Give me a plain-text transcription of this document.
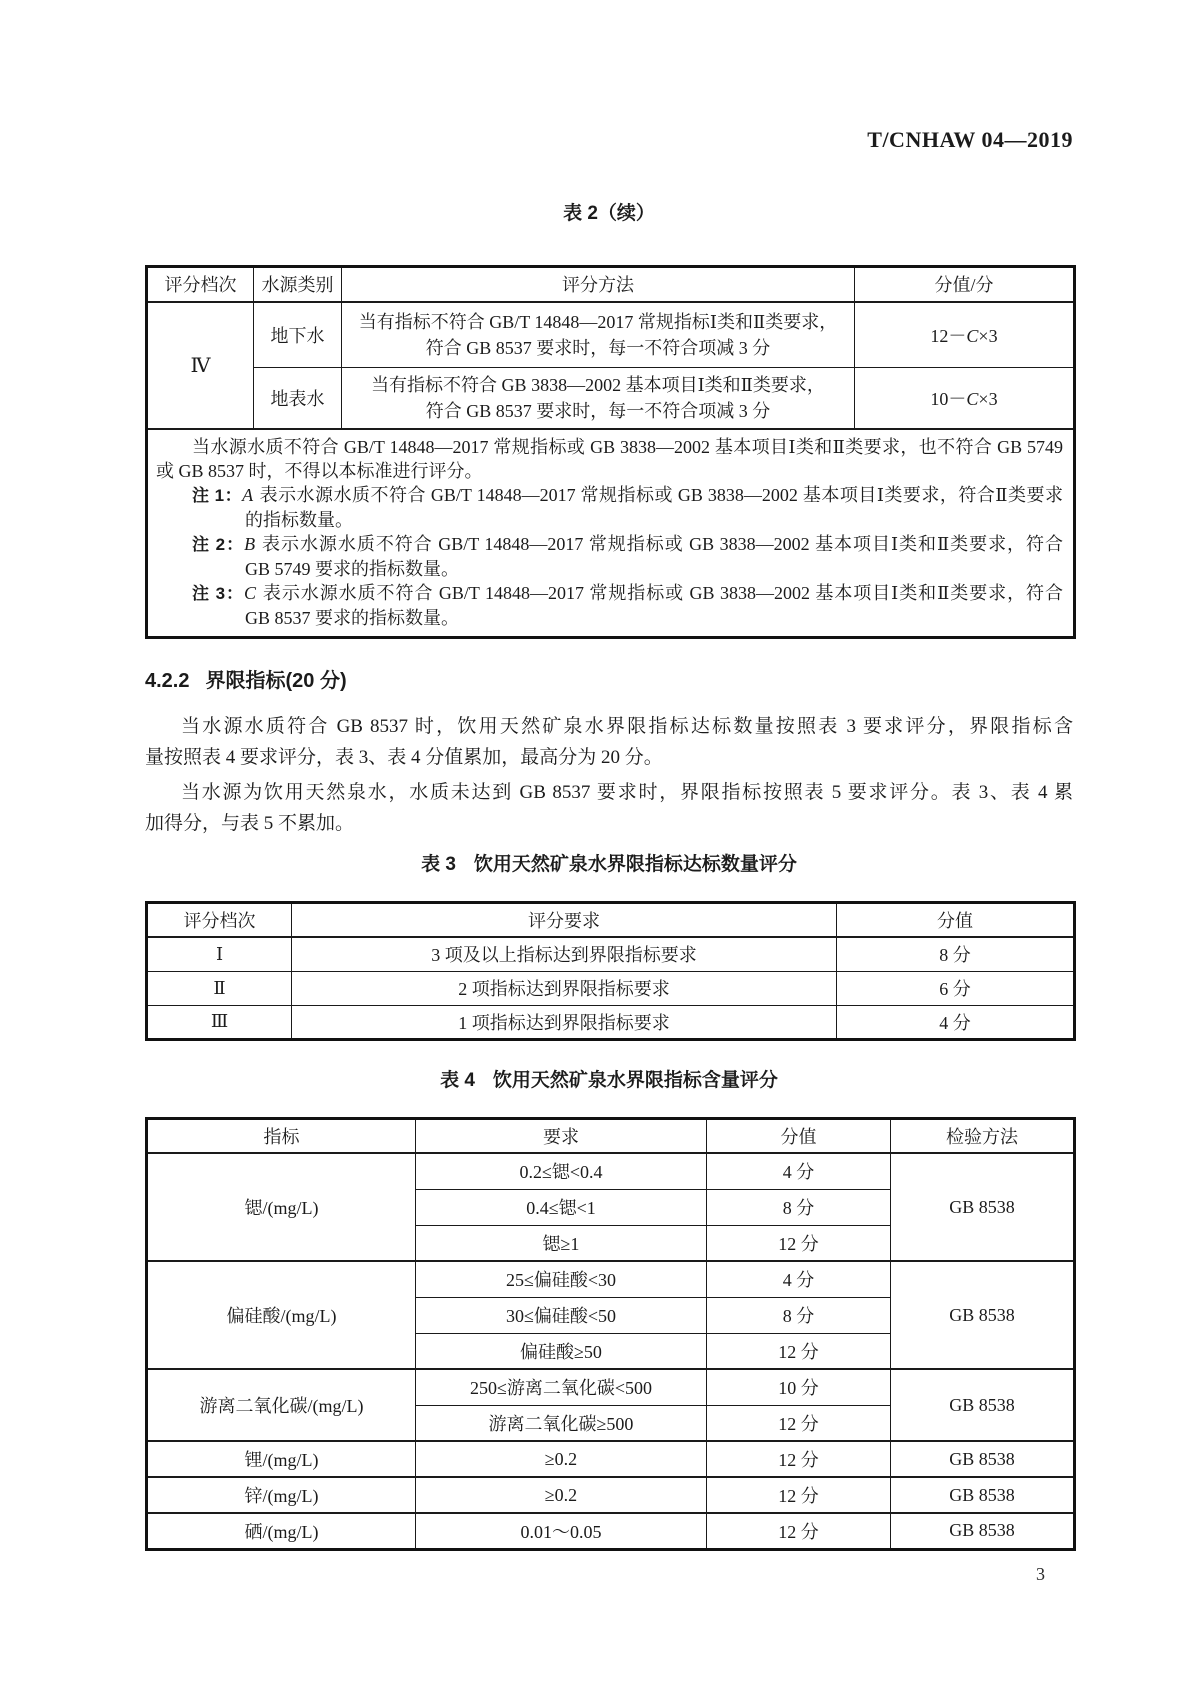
T/CNHAW 04—2019
表 2（续）
评分档次	水源类别	评分方法	分值/分
Ⅳ	地下水	当有指标不符合 GB/T 14848—2017 常规指标Ⅰ类和Ⅱ类要求，
符合 GB 8537 要求时，每一不符合项减 3 分	12－C×3
	地表水	当有指标不符合 GB 3838—2002 基本项目Ⅰ类和Ⅱ类要求，
符合 GB 8537 要求时，每一不符合项减 3 分	10－C×3

当水源水质不符合 GB/T 14848—2017 常规指标或 GB 3838—2002 基本项目Ⅰ类和Ⅱ类要求，也不符合 GB 5749
或 GB 8537 时，不得以本标准进行评分。
注 1：A 表示水源水质不符合 GB/T 14848—2017 常规指标或 GB 3838—2002 基本项目Ⅰ类要求，符合Ⅱ类要求
的指标数量。
注 2：B 表示水源水质不符合 GB/T 14848—2017 常规指标或 GB 3838—2002 基本项目Ⅰ类和Ⅱ类要求，符合
GB 5749 要求的指标数量。
注 3：C 表示水源水质不符合 GB/T 14848—2017 常规指标或 GB 3838—2002 基本项目Ⅰ类和Ⅱ类要求，符合
GB 8537 要求的指标数量。
4.2.2 界限指标(20 分)
当水源水质符合 GB 8537 时，饮用天然矿泉水界限指标达标数量按照表 3 要求评分，界限指标含
量按照表 4 要求评分，表 3、表 4 分值累加，最高分为 20 分。
当水源为饮用天然泉水，水质未达到 GB 8537 要求时，界限指标按照表 5 要求评分。表 3、表 4 累
加得分，与表 5 不累加。
表 3 饮用天然矿泉水界限指标达标数量评分
评分档次	评分要求	分值
Ⅰ	3 项及以上指标达到界限指标要求	8 分
Ⅱ	2 项指标达到界限指标要求	6 分
Ⅲ	1 项指标达到界限指标要求	4 分
表 4 饮用天然矿泉水界限指标含量评分
指标	要求	分值	检验方法
锶/(mg/L)	0.2≤锶<0.4	4 分	GB 8538
	0.4≤锶<1	8 分	
	锶≥1	12 分	
偏硅酸/(mg/L)	25≤偏硅酸<30	4 分	GB 8538
	30≤偏硅酸<50	8 分	
	偏硅酸≥50	12 分	
游离二氧化碳/(mg/L)	250≤游离二氧化碳<500	10 分	GB 8538
	游离二氧化碳≥500	12 分	
锂/(mg/L)	≥0.2	12 分	GB 8538
锌/(mg/L)	≥0.2	12 分	GB 8538
硒/(mg/L)	0.01～0.05	12 分	GB 8538
3
